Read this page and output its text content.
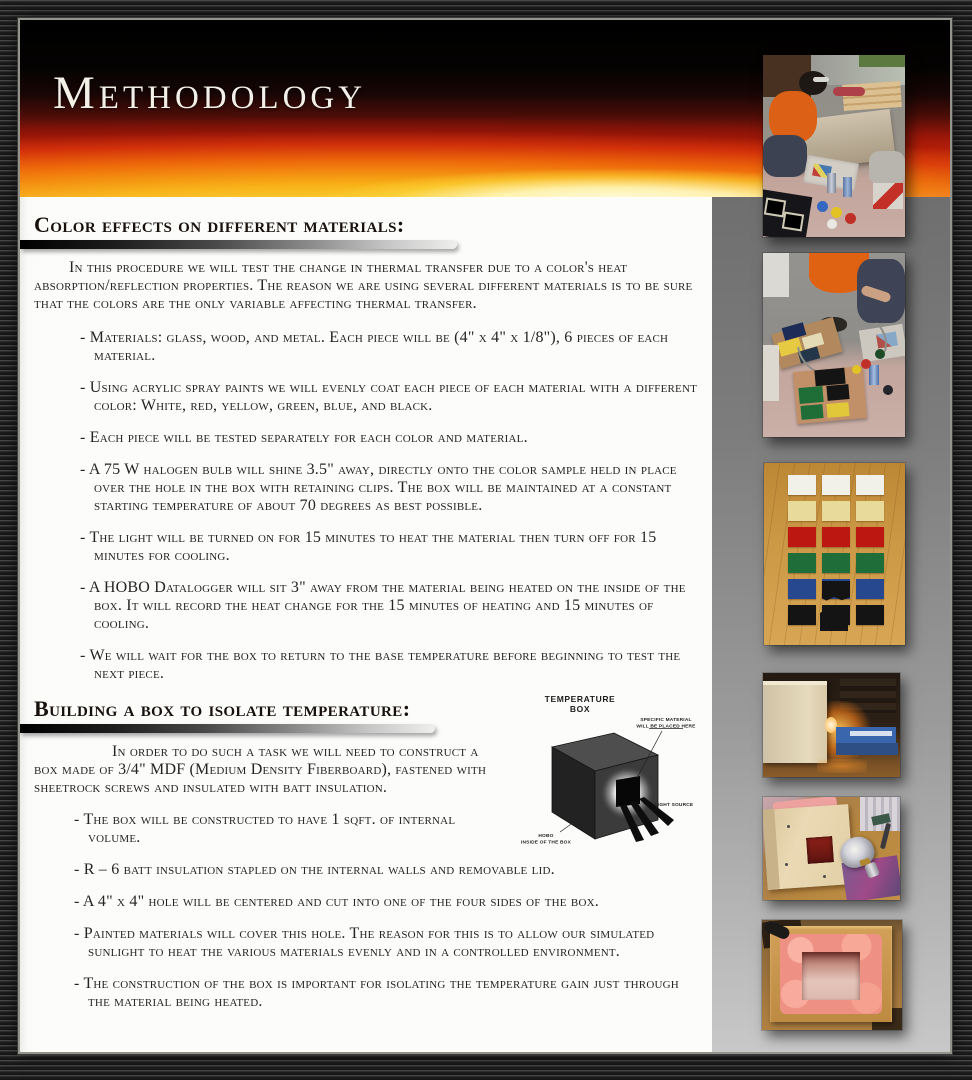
Methodology
Color effects on different materials:

In this procedure we will test the change in thermal transfer due to a color's heat absorption/reflection properties. The reason we are using several different materials is to be sure that the colors are the only variable affecting thermal transfer.

- Materials: glass, wood, and metal. Each piece will be (4" x 4" x 1/8"), 6 pieces of each material.
- Using acrylic spray paints we will evenly coat each piece of each material with a different color: White, red, yellow, green, blue, and black.
- Each piece will be tested separately for each color and material.
- A 75 W halogen bulb will shine 3.5" away, directly onto the color sample held in place over the hole in the box with retaining clips. The box will be maintained at a constant starting temperature of about 70 degrees as best possible.
- The light will be turned on for 15 minutes to heat the material then turn off for 15 minutes for cooling.
- A HOBO Datalogger will sit 3" away from the material being heated on the inside of the box. It will record the heat change for the 15 minutes of heating and 15 minutes of cooling.
- We will wait for the box to return to the base temperature before beginning to test the next piece.
TEMPERATURE
BOX
SPECIFIC MATERIAL
WILL BE PLACED HERE
LIGHT SOURCE
HOBO
INSIDE OF THE BOX
Building a box to isolate temperature:

In order to do such a task we will need to construct a box made of 3/4" MDF (Medium Density Fiberboard), fastened with sheetrock screws and insulated with batt insulation.

- The box will be constructed to have 1 sqft. of internal volume.
- R – 6 batt insulation stapled on the internal walls and removable lid.
- A 4" x 4" hole will be centered and cut into one of the four sides of the box.
- Painted materials will cover this hole. The reason for this is to allow our simulated sunlight to heat the various materials evenly and in a controlled environment.
- The construction of the box is important for isolating the temperature gain just through the material being heated.
